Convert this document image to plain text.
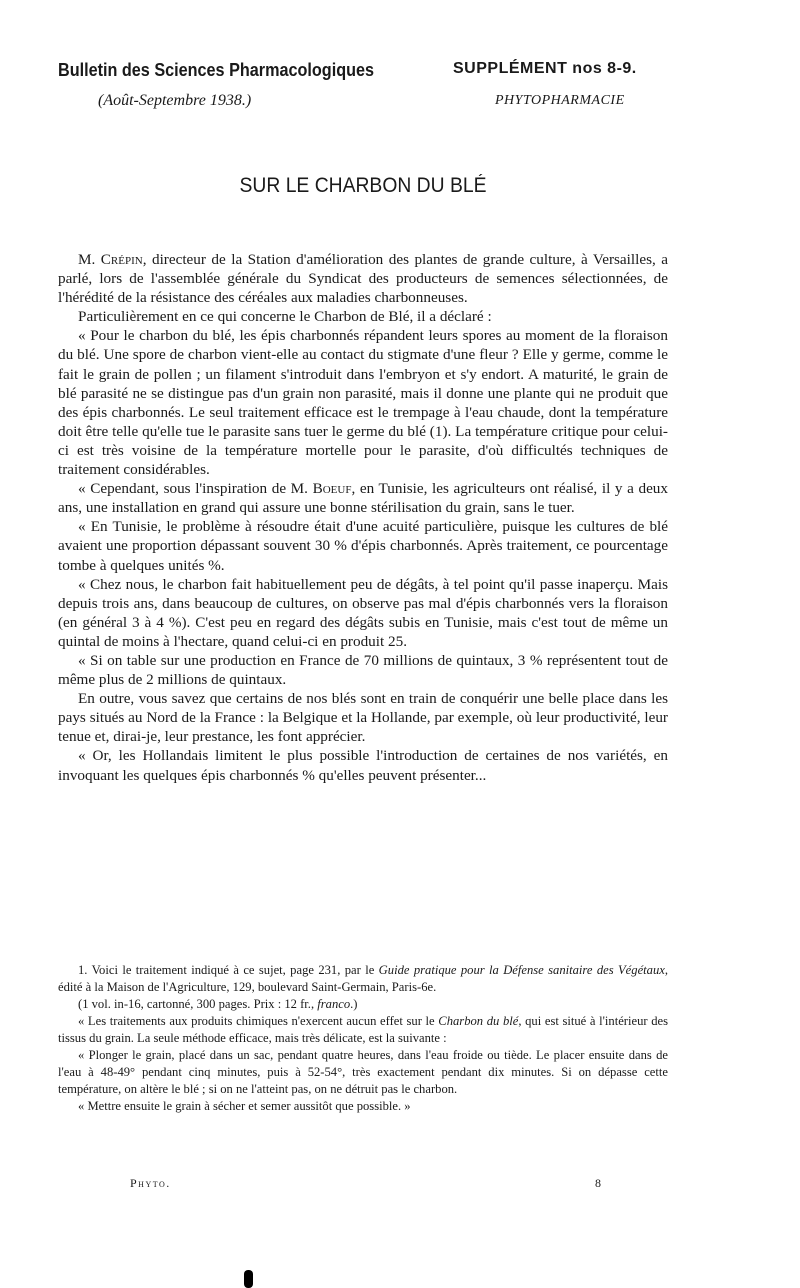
Bulletin des Sciences Pharmacologiques	SUPPLÉMENT nos 8-9.
(Août-Septembre 1938.)	PHYTOPHARMACIE
SUR LE CHARBON DU BLÉ

M. Crépin, directeur de la Station d'amélioration des plantes de grande culture, à Versailles, a parlé, lors de l'assemblée générale du Syndicat des producteurs de semences sélectionnées, de l'hérédité de la résistance des céréales aux maladies charbonneuses.

Particulièrement en ce qui concerne le Charbon de Blé, il a déclaré :

« Pour le charbon du blé, les épis charbonnés répandent leurs spores au moment de la floraison du blé. Une spore de charbon vient-elle au contact du stigmate d'une fleur ? Elle y germe, comme le fait le grain de pollen ; un filament s'introduit dans l'embryon et s'y endort. A maturité, le grain de blé parasité ne se distingue pas d'un grain non parasité, mais il donne une plante qui ne produit que des épis charbonnés. Le seul traitement efficace est le trempage à l'eau chaude, dont la température doit être telle qu'elle tue le parasite sans tuer le germe du blé (1). La température critique pour celui-ci est très voisine de la température mortelle pour le parasite, d'où difficultés techniques de traitement considérables.

« Cependant, sous l'inspiration de M. Boeuf, en Tunisie, les agriculteurs ont réalisé, il y a deux ans, une installation en grand qui assure une bonne stérilisation du grain, sans le tuer.

« En Tunisie, le problème à résoudre était d'une acuité particulière, puisque les cultures de blé avaient une proportion dépassant souvent 30 % d'épis charbonnés. Après traitement, ce pourcentage tombe à quelques unités %.

« Chez nous, le charbon fait habituellement peu de dégâts, à tel point qu'il passe inaperçu. Mais depuis trois ans, dans beaucoup de cultures, on observe pas mal d'épis charbonnés vers la floraison (en général 3 à 4 %). C'est peu en regard des dégâts subis en Tunisie, mais c'est tout de même un quintal de moins à l'hectare, quand celui-ci en produit 25.

« Si on table sur une production en France de 70 millions de quintaux, 3 % représentent tout de même plus de 2 millions de quintaux.

En outre, vous savez que certains de nos blés sont en train de conquérir une belle place dans les pays situés au Nord de la France : la Belgique et la Hollande, par exemple, où leur productivité, leur tenue et, dirai-je, leur prestance, les font apprécier.

« Or, les Hollandais limitent le plus possible l'introduction de certaines de nos variétés, en invoquant les quelques épis charbonnés % qu'elles peuvent présenter...

1. Voici le traitement indiqué à ce sujet, page 231, par le Guide pratique pour la Défense sanitaire des Végétaux, édité à la Maison de l'Agriculture, 129, boulevard Saint-Germain, Paris-6e.

(1 vol. in-16, cartonné, 300 pages. Prix : 12 fr., franco.)

« Les traitements aux produits chimiques n'exercent aucun effet sur le Charbon du blé, qui est situé à l'intérieur des tissus du grain. La seule méthode efficace, mais très délicate, est la suivante :

« Plonger le grain, placé dans un sac, pendant quatre heures, dans l'eau froide ou tiède. Le placer ensuite dans de l'eau à 48-49° pendant cinq minutes, puis à 52-54°, très exactement pendant dix minutes. Si on dépasse cette température, on altère le blé ; si on ne l'atteint pas, on ne détruit pas le charbon.

« Mettre ensuite le grain à sécher et semer aussitôt que possible. »

Phyto.	8
